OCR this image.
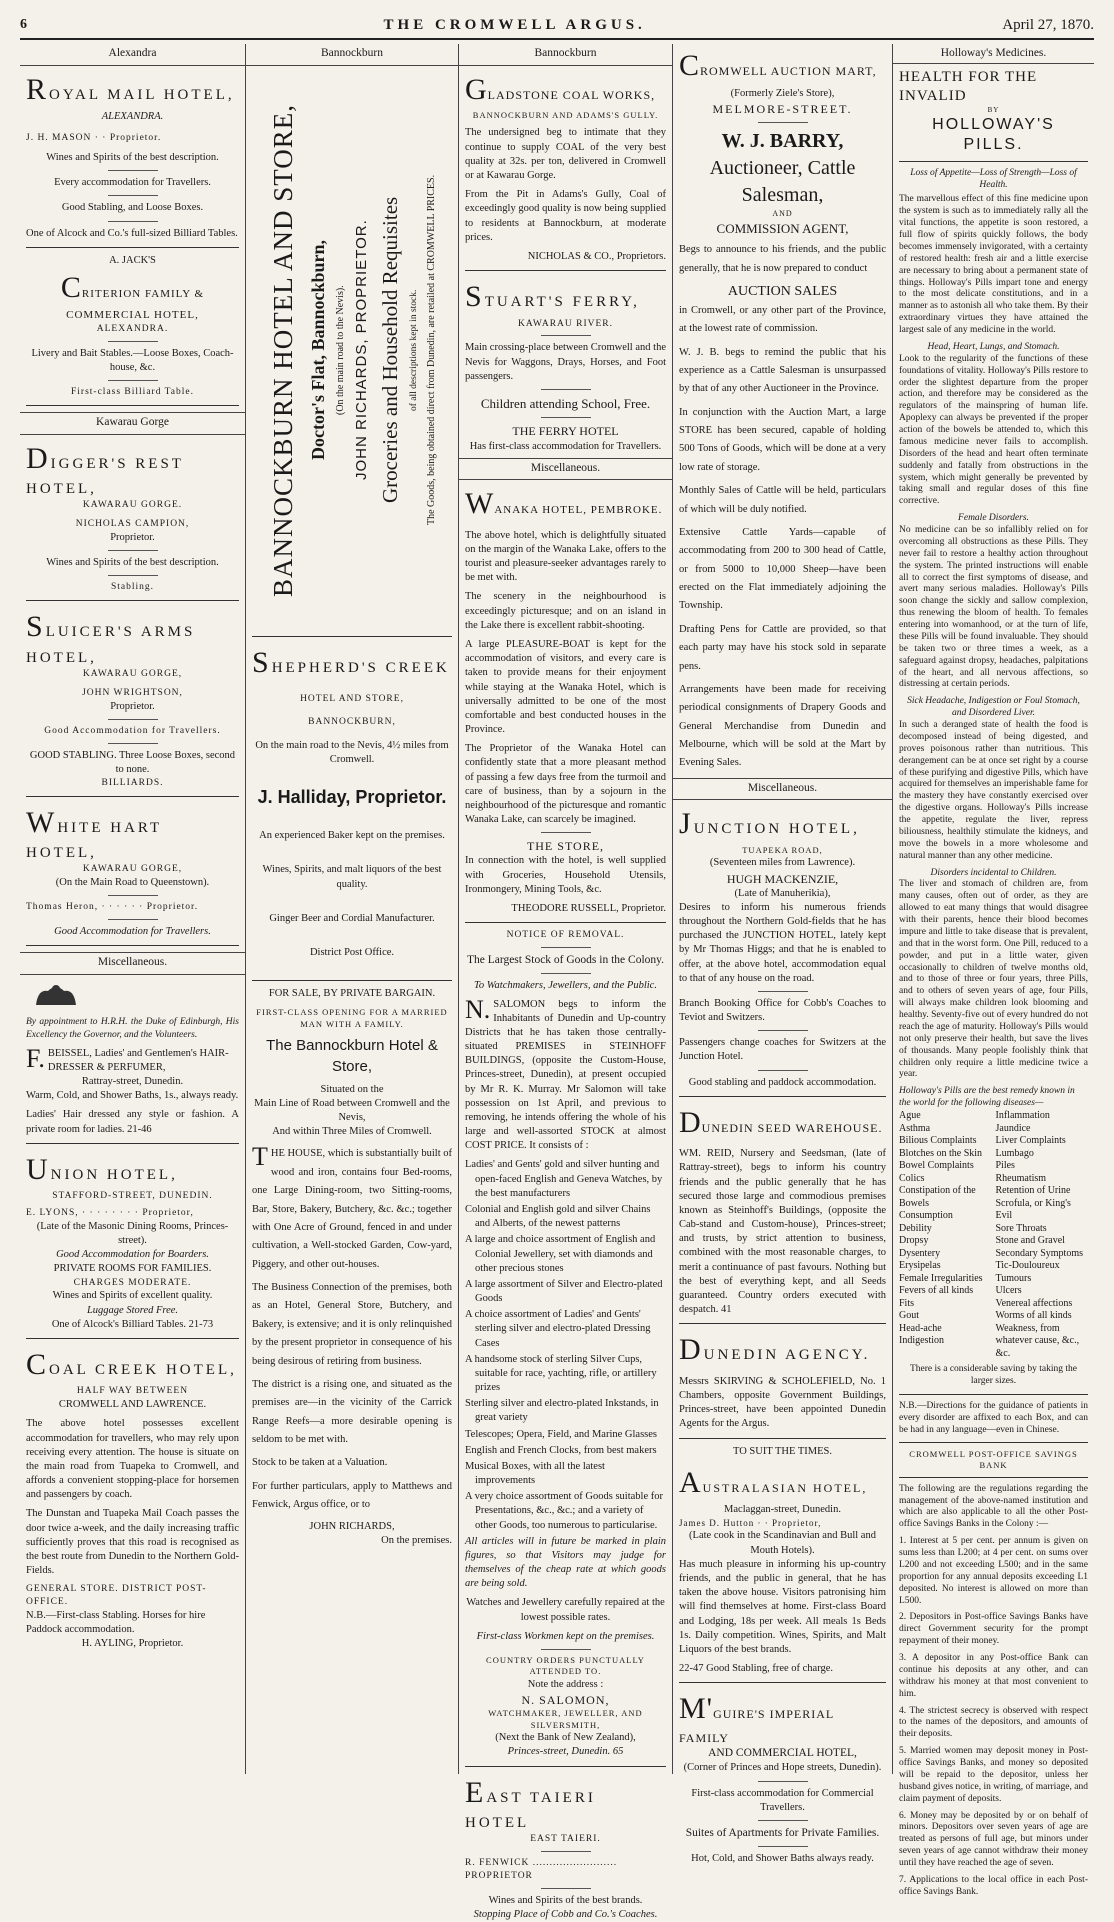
6	THE CROMWELL ARGUS.	April 27, 1870.
Alexandra
ROYAL MAIL HOTEL,
ALEXANDRA.
J. H. MASON · · Proprietor.
Wines and Spirits of the best description.
Every accommodation for Travellers.
Good Stabling, and Loose Boxes.

One of Alcock and Co.'s full-sized Billiard Tables.

A. JACK'S
CRITERION FAMILY & COMMERCIAL HOTEL,
ALEXANDRA.
Livery and Bait Stables.—Loose Boxes, Coach-house, &c.
First-class Billiard Table.
Kawarau Gorge
DIGGER'S REST HOTEL,
KAWARAU GORGE.
NICHOLAS CAMPION,
Proprietor.
Wines and Spirits of the best description.
Stabling.
SLUICER'S ARMS HOTEL,
KAWARAU GORGE,
JOHN WRIGHTSON,
Proprietor.
Good Accommodation for Travellers.
GOOD STABLING. Three Loose Boxes, second to none.
BILLIARDS.
WHITE HART HOTEL,
KAWARAU GORGE,
(On the Main Road to Queenstown).
Thomas Heron, · · · · · · Proprietor.
Good Accommodation for Travellers.
Miscellaneous.

By appointment to H.R.H. the Duke of Edinburgh, His Excellency the Governor, and the Volunteers.

F.BEISSEL, Ladies' and Gentlemen's HAIR-DRESSER & PERFUMER,
Rattray-street, Dunedin.

Warm, Cold, and Shower Baths, 1s., always ready.

Ladies' Hair dressed any style or fashion. A private room for ladies. 21-46

UNION HOTEL,
STAFFORD-STREET, DUNEDIN.
E. LYONS, · · · · · · · · Proprietor,
(Late of the Masonic Dining Rooms, Princes-street).
Good Accommodation for Boarders.
PRIVATE ROOMS FOR FAMILIES.
CHARGES MODERATE.
Wines and Spirits of excellent quality.
Luggage Stored Free.
One of Alcock's Billiard Tables. 21-73
COAL CREEK HOTEL,
HALF WAY BETWEEN
CROMWELL AND LAWRENCE.

The above hotel possesses excellent accommodation for travellers, who may rely upon receiving every attention. The house is situate on the main road from Tuapeka to Cromwell, and affords a convenient stopping-place for horsemen and passengers by coach.

The Dunstan and Tuapeka Mail Coach passes the door twice a-week, and the daily increasing traffic sufficiently proves that this road is recognised as the best route from Dunedin to the Northern Gold-Fields.

GENERAL STORE. DISTRICT POST-OFFICE.
N.B.—First-class Stabling. Horses for hire Paddock accommodation.
H. AYLING, Proprietor.
Bannockburn
BANNOCKBURN HOTEL AND STORE, Doctor's Flat, Bannockburn, (On the main road to the Nevis). JOHN RICHARDS, PROPRIETOR. Groceries and Household Requisites of all descriptions kept in stock. The Goods, being obtained direct from Dunedin, are retailed at CROMWELL PRICES.
SHEPHERD'S CREEK
HOTEL AND STORE,
BANNOCKBURN,
On the main road to the Nevis, 4½ miles from Cromwell.
J. Halliday, Proprietor.
An experienced Baker kept on the premises.
Wines, Spirits, and malt liquors of the best quality.
Ginger Beer and Cordial Manufacturer.
District Post Office.
FOR SALE, BY PRIVATE BARGAIN.
FIRST-CLASS OPENING FOR A MARRIED MAN WITH A FAMILY.
The Bannockburn Hotel & Store,
Situated on the
Main Line of Road between Cromwell and the Nevis,
And within Three Miles of Cromwell.

THE HOUSE, which is substantially built of wood and iron, contains four Bed-rooms, one Large Dining-room, two Sitting-rooms, Bar, Store, Bakery, Butchery, &c. &c.; together with One Acre of Ground, fenced in and under cultivation, a Well-stocked Garden, Cow-yard, Piggery, and other out-houses.

The Business Connection of the premises, both as an Hotel, General Store, Butchery, and Bakery, is extensive; and it is only relinquished by the present proprietor in consequence of his being desirous of retiring from business.

The district is a rising one, and situated as the premises are—in the vicinity of the Carrick Range Reefs—a more desirable opening is seldom to be met with.

Stock to be taken at a Valuation.

For further particulars, apply to Matthews and Fenwick, Argus office, or to

JOHN RICHARDS,
On the premises.
Bannockburn
GLADSTONE COAL WORKS,
BANNOCKBURN AND ADAMS'S GULLY.

The undersigned beg to intimate that they continue to supply COAL of the very best quality at 32s. per ton, delivered in Cromwell or at Kawarau Gorge.

From the Pit in Adams's Gully, Coal of exceedingly good quality is now being supplied to residents at Bannockburn, at moderate prices.

NICHOLAS & CO., Proprietors.
STUART'S FERRY,
KAWARAU RIVER.

Main crossing-place between Cromwell and the Nevis for Waggons, Drays, Horses, and Foot passengers.

Children attending School, Free.
THE FERRY HOTEL
Has first-class accommodation for Travellers.
Miscellaneous.
WANAKA HOTEL, PEMBROKE.

The above hotel, which is delightfully situated on the margin of the Wanaka Lake, offers to the tourist and pleasure-seeker advantages rarely to be met with.

The scenery in the neighbourhood is exceedingly picturesque; and on an island in the Lake there is excellent rabbit-shooting.

A large PLEASURE-BOAT is kept for the accommodation of visitors, and every care is taken to provide means for their enjoyment while staying at the Wanaka Hotel, which is universally admitted to be one of the most comfortable and best conducted houses in the Province.

The Proprietor of the Wanaka Hotel can confidently state that a more pleasant method of passing a few days free from the turmoil and care of business, than by a sojourn in the neighbourhood of the picturesque and romantic Wanaka Lake, can scarcely be imagined.

THE STORE,

In connection with the hotel, is well supplied with Groceries, Household Utensils, Ironmongery, Mining Tools, &c.

THEODORE RUSSELL, Proprietor.
NOTICE OF REMOVAL.
The Largest Stock of Goods in the Colony.
To Watchmakers, Jewellers, and the Public.

N.SALOMON begs to inform the Inhabitants of Dunedin and Up-country Districts that he has taken those centrally-situated PREMISES in STEINHOFF BUILDINGS, (opposite the Custom-House, Princes-street, Dunedin), at present occupied by Mr R. K. Murray. Mr Salomon will take possession on 1st April, and previous to removing, he intends offering the whole of his large and well-assorted STOCK at almost COST PRICE. It consists of :

Ladies' and Gents' gold and silver hunting and open-faced English and Geneva Watches, by the best manufacturers
Colonial and English gold and silver Chains and Alberts, of the newest patterns
A large and choice assortment of English and Colonial Jewellery, set with diamonds and other precious stones
A large assortment of Silver and Electro-plated Goods
A choice assortment of Ladies' and Gents' sterling silver and electro-plated Dressing Cases
A handsome stock of sterling Silver Cups, suitable for race, yachting, rifle, or artillery prizes
Sterling silver and electro-plated Inkstands, in great variety
Telescopes; Opera, Field, and Marine Glasses
English and French Clocks, from best makers
Musical Boxes, with all the latest improvements
A very choice assortment of Goods suitable for Presentations, &c., &c.; and a variety of other Goods, too numerous to particularise.

All articles will in future be marked in plain figures, so that Visitors may judge for themselves of the cheap rate at which goods are being sold.

Watches and Jewellery carefully repaired at the lowest possible rates.

First-class Workmen kept on the premises.
COUNTRY ORDERS PUNCTUALLY ATTENDED TO.
Note the address :
N. SALOMON,
WATCHMAKER, JEWELLER, AND SILVERSMITH,
(Next the Bank of New Zealand),
Princes-street, Dunedin. 65
EAST TAIERI HOTEL
EAST TAIERI.
R. FENWICK ......................... PROPRIETOR
Wines and Spirits of the best brands.
Stopping Place of Cobb and Co.'s Coaches.
CROMWELL AUCTION MART,
(Formerly Ziele's Store),
MELMORE-STREET.
W. J. BARRY,
Auctioneer, Cattle Salesman,
AND
COMMISSION AGENT,

Begs to announce to his friends, and the public generally, that he is now prepared to conduct

AUCTION SALES

in Cromwell, or any other part of the Province, at the lowest rate of commission.

W. J. B. begs to remind the public that his experience as a Cattle Salesman is unsurpassed by that of any other Auctioneer in the Province.

In conjunction with the Auction Mart, a large STORE has been secured, capable of holding 500 Tons of Goods, which will be done at a very low rate of storage.

Monthly Sales of Cattle will be held, particulars of which will be duly notified.

Extensive Cattle Yards—capable of accommodating from 200 to 300 head of Cattle, or from 5000 to 10,000 Sheep—have been erected on the Flat immediately adjoining the Township.

Drafting Pens for Cattle are provided, so that each party may have his stock sold in separate pens.

Arrangements have been made for receiving periodical consignments of Drapery Goods and General Merchandise from Dunedin and Melbourne, which will be sold at the Mart by Evening Sales.

Miscellaneous.
JUNCTION HOTEL,
TUAPEKA ROAD,
(Seventeen miles from Lawrence).
HUGH MACKENZIE,
(Late of Manuherikia),

Desires to inform his numerous friends throughout the Northern Gold-fields that he has purchased the JUNCTION HOTEL, lately kept by Mr Thomas Higgs; and that he is enabled to offer, at the above hotel, accommodation equal to that of any house on the road.

Branch Booking Office for Cobb's Coaches to Teviot and Switzers.

Passengers change coaches for Switzers at the Junction Hotel.

Good stabling and paddock accommodation.
DUNEDIN SEED WAREHOUSE.

WM. REID, Nursery and Seedsman, (late of Rattray-street), begs to inform his country friends and the public generally that he has secured those large and commodious premises known as Steinhoff's Buildings, (opposite the Cab-stand and Custom-house), Princes-street; and trusts, by strict attention to business, combined with the most reasonable charges, to merit a continuance of past favours. Nothing but the best of everything kept, and all Seeds guaranteed. Country orders executed with despatch. 41

DUNEDIN AGENCY.

Messrs SKIRVING & SCHOLEFIELD, No. 1 Chambers, opposite Government Buildings, Princes-street, have been appointed Dunedin Agents for the Argus.

TO SUIT THE TIMES.
AUSTRALASIAN HOTEL,
Maclaggan-street, Dunedin.
James D. Hutton · · Proprietor,
(Late cook in the Scandinavian and Bull and Mouth Hotels).

Has much pleasure in informing his up-country friends, and the public in general, that he has taken the above house. Visitors patronising him will find themselves at home. First-class Board and Lodging, 18s per week. All meals 1s Beds 1s. Daily competition. Wines, Spirits, and Malt Liquors of the best brands.

22-47 Good Stabling, free of charge.
M'GUIRE'S IMPERIAL FAMILY
AND COMMERCIAL HOTEL,
(Corner of Princes and Hope streets, Dunedin).
First-class accommodation for Commercial Travellers.
Suites of Apartments for Private Families.
Hot, Cold, and Shower Baths always ready.
Holloway's Medicines.
HEALTH FOR THE INVALID
BY
HOLLOWAY'S PILLS.
Loss of Appetite—Loss of Strength—Loss of Health.

The marvellous effect of this fine medicine upon the system is such as to immediately rally all the vital functions, the appetite is soon restored, a full flow of spirits quickly follows, the body becomes immensely invigorated, with a certainty of restored health: fresh air and a little exercise are necessary to bring about a permanent state of things. Holloway's Pills impart tone and energy to the most delicate constitutions, and in a manner as to astonish all who take them. By their extraordinary virtues they have attained the largest sale of any medicine in the world.

Head, Heart, Lungs, and Stomach.

Look to the regularity of the functions of these foundations of vitality. Holloway's Pills restore to order the slightest departure from the proper action, and therefore may be considered as the regulators of the mainspring of human life. Apoplexy can always be prevented if the proper action of the bowels be attended to, which this famous medicine never fails to accomplish. Disorders of the head and heart often terminate suddenly and fatally from obstructions in the system, which might generally be prevented by taking small and regular doses of this fine corrective.

Female Disorders.

No medicine can be so infallibly relied on for overcoming all obstructions as these Pills. They never fail to restore a healthy action throughout the system. The printed instructions will enable all to correct the first symptoms of disease, and avert many serious maladies. Holloway's Pills soon change the sickly and sallow complexion, thus renewing the bloom of health. To females entering into womanhood, or at the turn of life, these Pills will be found invaluable. They should be taken two or three times a week, as a safeguard against dropsy, headaches, palpitations of the heart, and all nervous affections, so distressing at certain periods.

Sick Headache, Indigestion or Foul Stomach, and Disordered Liver.

In such a deranged state of health the food is decomposed instead of being digested, and proves poisonous rather than nutritious. This derangement can be at once set right by a course of these purifying and digestive Pills, which have acquired for themselves an imperishable fame for the mastery they have constantly exercised over the digestive organs. Holloway's Pills increase the appetite, regulate the liver, repress biliousness, healthily stimulate the kidneys, and move the bowels in a more wholesome and natural manner than any other medicine.

Disorders incidental to Children.

The liver and stomach of children are, from many causes, often out of order, as they are allowed to eat many things that would disagree with their parents, hence their blood becomes impure and little to take disease that is prevalent, and that in the worst form. One Pill, reduced to a powder, and put in a little water, given occasionally to children of twelve months old, and to those of three or four years, three Pills, and to others of seven years of age, four Pills, will always make children look blooming and healthy. Seventy-five out of every hundred do not reach the age of maturity. Holloway's Pills would not only preserve their health, but save the lives of thousands. Many people foolishly think that children only require a little medicine twice a year.

Holloway's Pills are the best remedy known in the world for the following diseases—
Ague
Asthma
Bilious Complaints
Blotches on the Skin
Bowel Complaints
Colics
Constipation of the Bowels
Consumption
Debility
Dropsy
Dysentery
Erysipelas
Female Irregularities
Fevers of all kinds
Fits
Gout
Head-ache
Indigestion
Inflammation
Jaundice
Liver Complaints
Lumbago
Piles
Rheumatism
Retention of Urine
Scrofula, or King's Evil
Sore Throats
Stone and Gravel
Secondary Symptoms
Tic-Douloureux
Tumours
Ulcers
Venereal affections
Worms of all kinds
Weakness, from whatever cause, &c., &c.

There is a considerable saving by taking the larger sizes.

N.B.—Directions for the guidance of patients in every disorder are affixed to each Box, and can be had in any language—even in Chinese.

CROMWELL POST-OFFICE SAVINGS BANK

The following are the regulations regarding the management of the above-named institution and which are also applicable to all the other Post-office Savings Banks in the Colony :—

1. Interest at 5 per cent. per annum is given on sums less than L200; at 4 per cent. on sums over L200 and not exceeding L500; and in the same proportion for any annual deposits exceeding L1 deposited. No interest is allowed on more than L500.

2. Depositors in Post-office Savings Banks have direct Government security for the prompt repayment of their money.

3. A depositor in any Post-office Bank can continue his deposits at any other, and can withdraw his money at that most convenient to him.

4. The strictest secrecy is observed with respect to the names of the depositors, and amounts of their deposits.

5. Married women may deposit money in Post-office Savings Banks, and money so deposited will be repaid to the depositor, unless her husband gives notice, in writing, of marriage, and claim payment of deposits.

6. Money may be deposited by or on behalf of minors. Depositors over seven years of age are treated as persons of full age, but minors under seven years of age cannot withdraw their money until they have reached the age of seven.

7. Applications to the local office in each Post-office Savings Bank.
